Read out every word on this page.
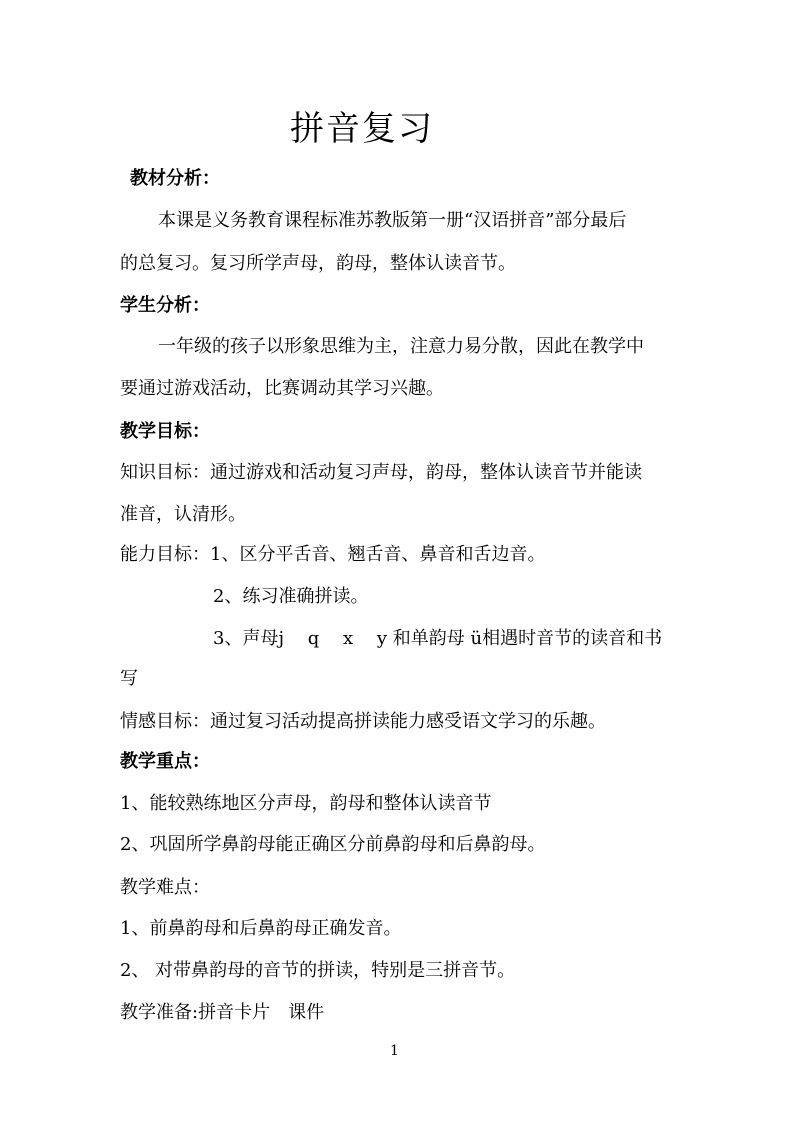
拼音复习
教材分析：
本课是义务教育课程标准苏教版第一册“汉语拼音”部分最后
的总复习。复习所学声母，韵母，整体认读音节。
学生分析：
一年级的孩子以形象思维为主，注意力易分散，因此在教学中
要通过游戏活动，比赛调动其学习兴趣。
教学目标：
知识目标：通过游戏和活动复习声母，韵母，整体认读音节并能读
准音，认清形。
能力目标：1、区分平舌音、翘舌音、鼻音和舌边音。
2、练习准确拼读。
3、声母j　 q　 x　 y 和单韵母 ü相遇时音节的读音和书
写
情感目标：通过复习活动提高拼读能力感受语文学习的乐趣。
教学重点：
1、能较熟练地区分声母，韵母和整体认读音节
2、巩固所学鼻韵母能正确区分前鼻韵母和后鼻韵母。
教学难点：
1、前鼻韵母和后鼻韵母正确发音。
2、 对带鼻韵母的音节的拼读，特别是三拼音节。
教学准备:拼音卡片　课件
1
